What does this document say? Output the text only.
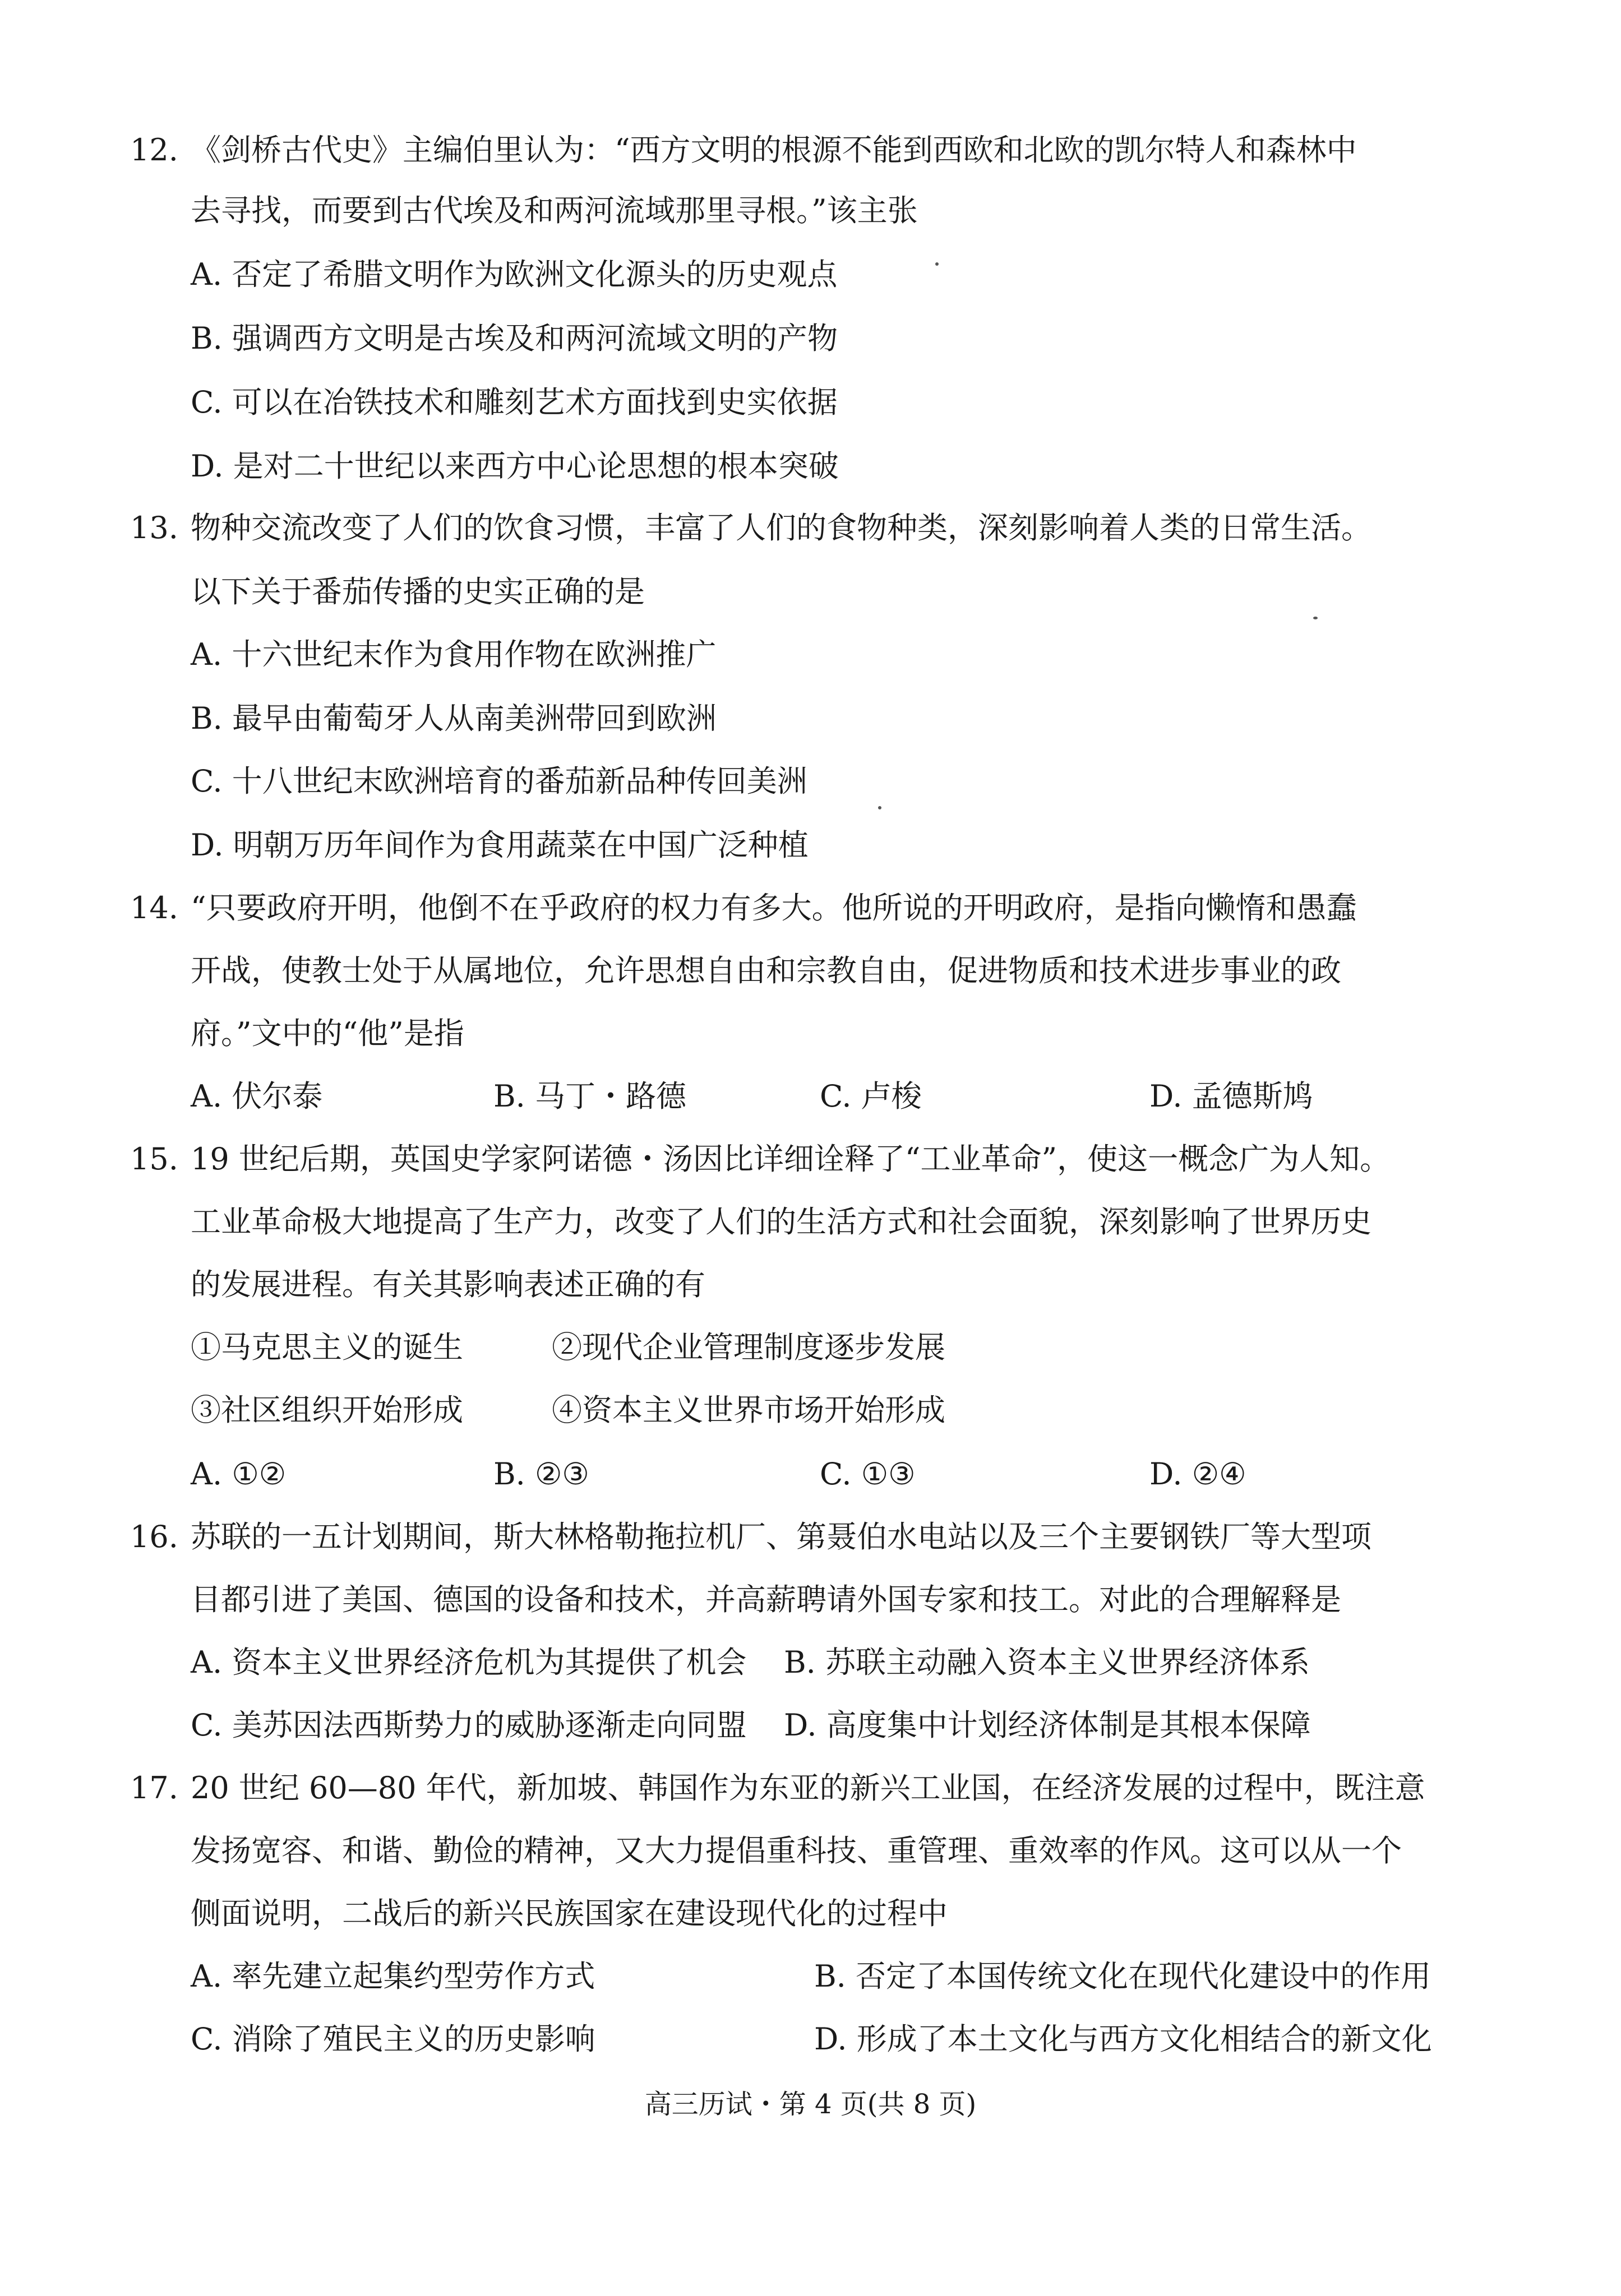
12. 《剑桥古代史》主编伯里认为：“西方文明的根源不能到西欧和北欧的凯尔特人和森林中
去寻找，而要到古代埃及和两河流域那里寻根。”该主张
A. 否定了希腊文明作为欧洲文化源头的历史观点
B. 强调西方文明是古埃及和两河流域文明的产物
C. 可以在冶铁技术和雕刻艺术方面找到史实依据
D. 是对二十世纪以来西方中心论思想的根本突破
13. 物种交流改变了人们的饮食习惯，丰富了人们的食物种类，深刻影响着人类的日常生活。
以下关于番茄传播的史实正确的是
A. 十六世纪末作为食用作物在欧洲推广
B. 最早由葡萄牙人从南美洲带回到欧洲
C. 十八世纪末欧洲培育的番茄新品种传回美洲
D. 明朝万历年间作为食用蔬菜在中国广泛种植
14. “只要政府开明，他倒不在乎政府的权力有多大。他所说的开明政府，是指向懒惰和愚蠢
开战，使教士处于从属地位，允许思想自由和宗教自由，促进物质和技术进步事业的政
府。”文中的“他”是指
A. 伏尔泰	B. 马丁・路德	C. 卢梭	D. 孟德斯鸠
15. 19 世纪后期，英国史学家阿诺德・汤因比详细诠释了“工业革命”，使这一概念广为人知。
工业革命极大地提高了生产力，改变了人们的生活方式和社会面貌，深刻影响了世界历史
的发展进程。有关其影响表述正确的有
①马克思主义的诞生	②现代企业管理制度逐步发展
③社区组织开始形成	④资本主义世界市场开始形成
A. ①②	B. ②③	C. ①③	D. ②④
16. 苏联的一五计划期间，斯大林格勒拖拉机厂、第聂伯水电站以及三个主要钢铁厂等大型项
目都引进了美国、德国的设备和技术，并高薪聘请外国专家和技工。对此的合理解释是
A. 资本主义世界经济危机为其提供了机会 B. 苏联主动融入资本主义世界经济体系
C. 美苏因法西斯势力的威胁逐渐走向同盟 D. 高度集中计划经济体制是其根本保障
17. 20 世纪 60—80 年代，新加坡、韩国作为东亚的新兴工业国，在经济发展的过程中，既注意
发扬宽容、和谐、勤俭的精神，又大力提倡重科技、重管理、重效率的作风。这可以从一个
侧面说明，二战后的新兴民族国家在建设现代化的过程中
A. 率先建立起集约型劳作方式	B. 否定了本国传统文化在现代化建设中的作用
C. 消除了殖民主义的历史影响	D. 形成了本土文化与西方文化相结合的新文化
高三历试・第 4 页(共 8 页)
